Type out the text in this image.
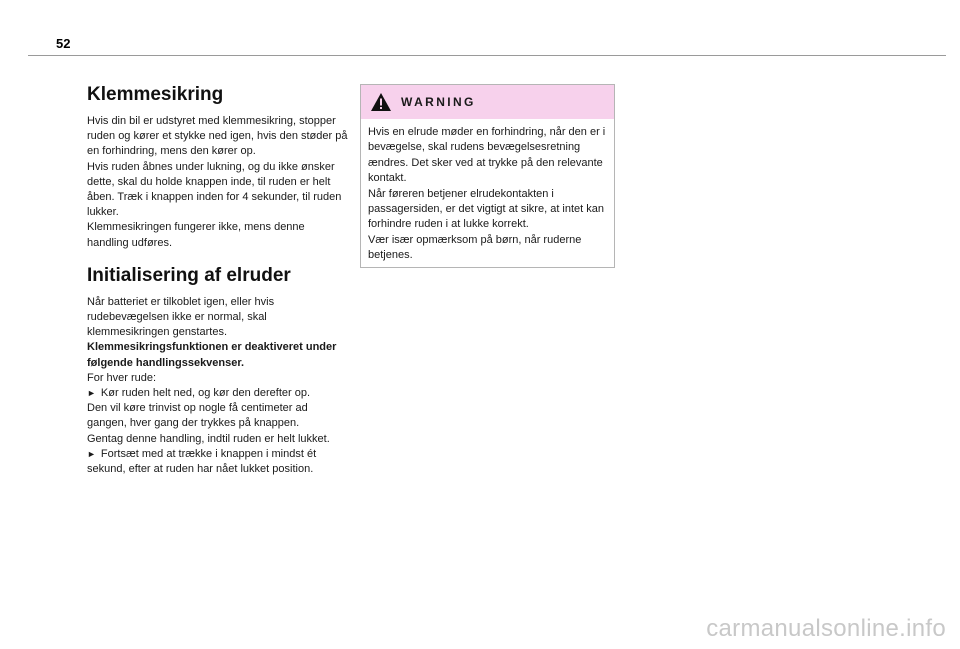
52
Klemmesikring

Hvis din bil er udstyret med klemmesikring, stopper ruden og kører et stykke ned igen, hvis den støder på en forhindring, mens den kører op.

Hvis ruden åbnes under lukning, og du ikke ønsker dette, skal du holde knappen inde, til ruden er helt åben. Træk i knappen inden for 4 sekunder, til ruden lukker.

Klemmesikringen fungerer ikke, mens denne handling udføres.

Initialisering af elruder

Når batteriet er tilkoblet igen, eller hvis rudebevægelsen ikke er normal, skal klemmesikringen genstartes.

Klemmesikringsfunktionen er deaktiveret under følgende handlingssekvenser.

For hver rude:

► Kør ruden helt ned, og kør den derefter op.

Den vil køre trinvist op nogle få centimeter ad gangen, hver gang der trykkes på knappen.

Gentag denne handling, indtil ruden er helt lukket.

► Fortsæt med at trække i knappen i mindst ét sekund, efter at ruden har nået lukket position.

WARNING

Hvis en elrude møder en forhindring, når den er i bevægelse, skal rudens bevægelsesretning ændres. Det sker ved at trykke på den relevante kontakt.

Når føreren betjener elrudekontakten i passagersiden, er det vigtigt at sikre, at intet kan forhindre ruden i at lukke korrekt.

Vær især opmærksom på børn, når ruderne betjenes.

carmanualsonline.info
